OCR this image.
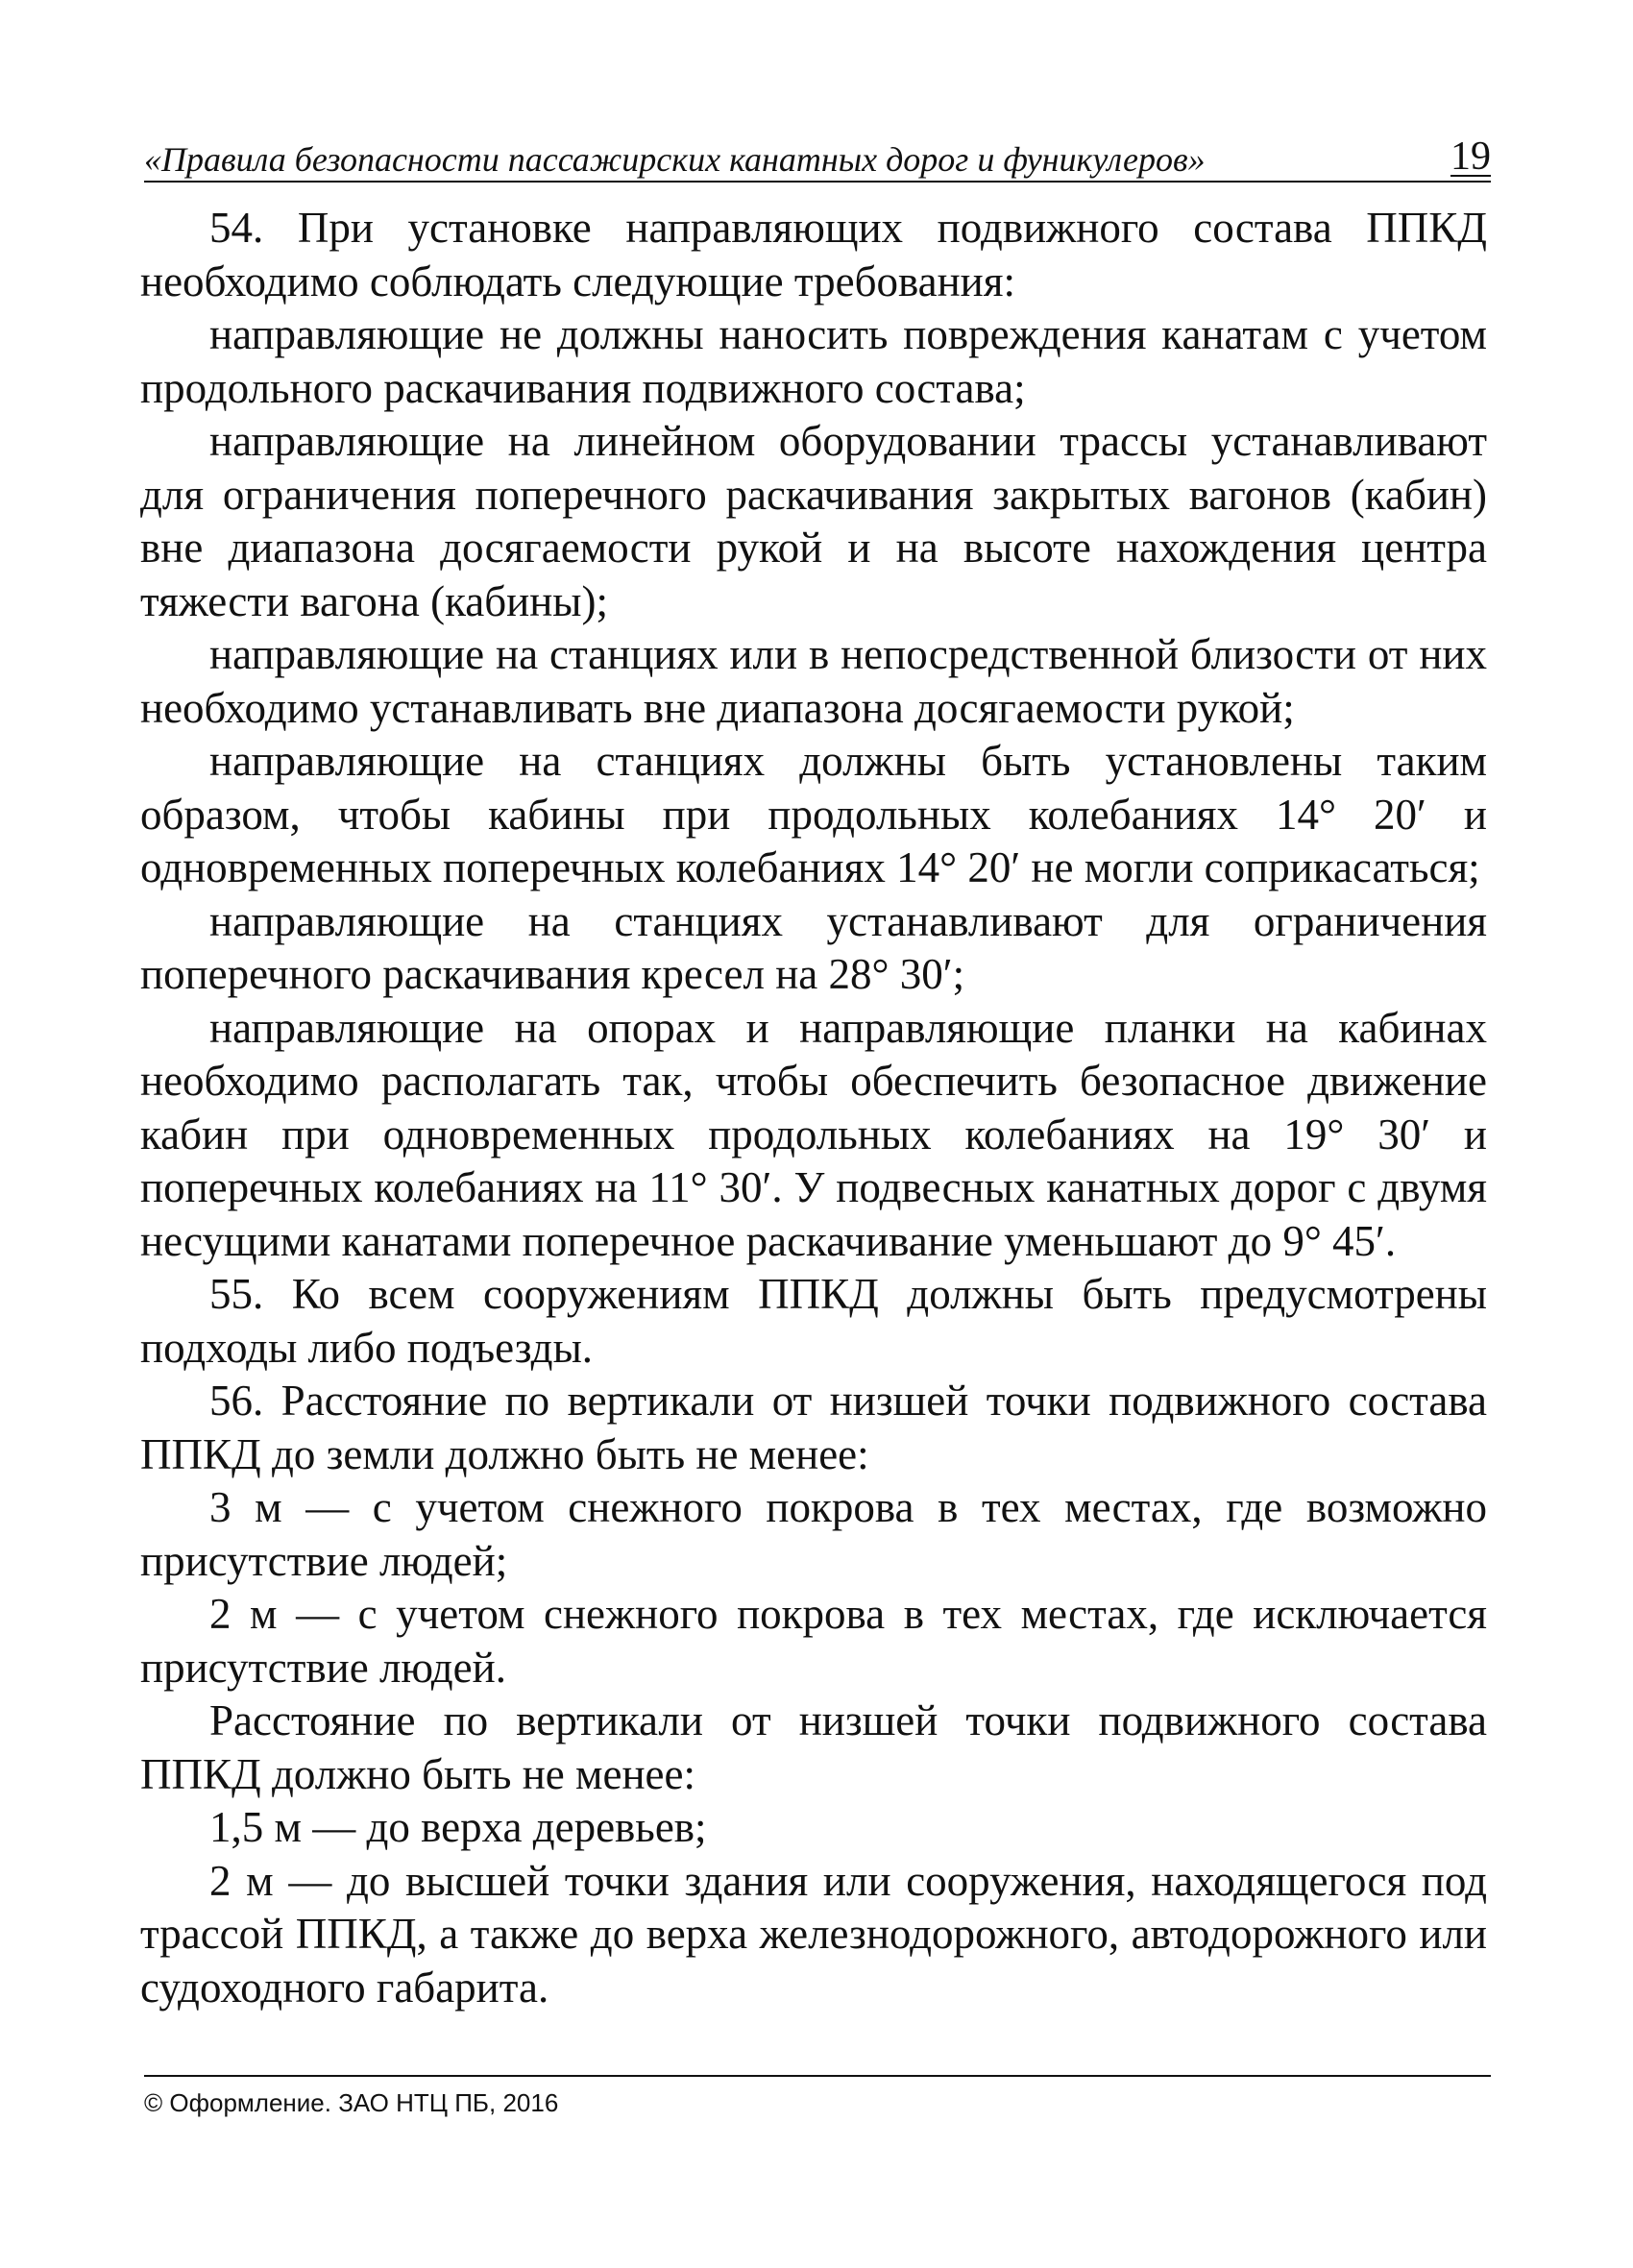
«Правила безопасности пассажирских канатных дорог и фуникулеров»	19

54. При установке направляющих подвижного состава ППКД необходимо соблюдать следующие требования:

направляющие не должны наносить повреждения канатам с учетом продольного раскачивания подвижного состава;

направляющие на линейном оборудовании трассы устанавливают для ограничения поперечного раскачивания закрытых вагонов (кабин) вне диапазона досягаемости рукой и на высоте нахождения центра тяжести вагона (кабины);

направляющие на станциях или в непосредственной близости от них необходимо устанавливать вне диапазона досягаемости рукой;

направляющие на станциях должны быть установлены таким образом, чтобы кабины при продольных колебаниях 14° 20′ и одновременных поперечных колебаниях 14° 20′ не могли соприкасаться;

направляющие на станциях устанавливают для ограничения поперечного раскачивания кресел на 28° 30′;

направляющие на опорах и направляющие планки на кабинах необходимо располагать так, чтобы обеспечить безопасное движение кабин при одновременных продольных колебаниях на 19° 30′ и поперечных колебаниях на 11° 30′. У подвесных канатных дорог с двумя несущими канатами поперечное раскачивание уменьшают до 9° 45′.

55. Ко всем сооружениям ППКД должны быть предусмотрены подходы либо подъезды.

56. Расстояние по вертикали от низшей точки подвижного состава ППКД до земли должно быть не менее:

3 м — с учетом снежного покрова в тех местах, где возможно присутствие людей;

2 м — с учетом снежного покрова в тех местах, где исключается присутствие людей.

Расстояние по вертикали от низшей точки подвижного состава ППКД должно быть не менее:

1,5 м — до верха деревьев;

2 м — до высшей точки здания или сооружения, находящегося под трассой ППКД, а также до верха железнодорожного, автодорожного или судоходного габарита.

© Оформление. ЗАО НТЦ ПБ, 2016
